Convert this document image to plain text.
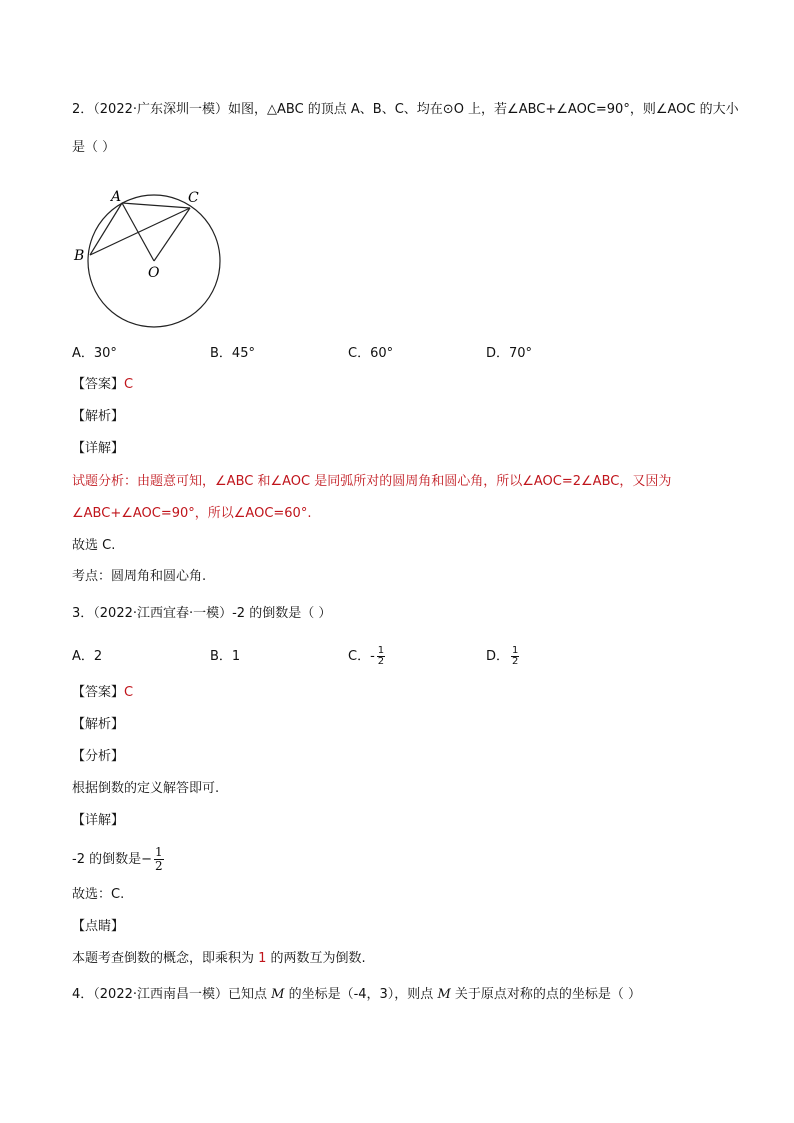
2．（2022·广东深圳一模）如图，△ABC 的顶点 A、B、C、均在⊙O 上，若∠ABC+∠AOC=90°，则∠AOC 的大小
是（ ）
A	C
B
O
A．30°	B．45°	C．60°	D．70°
【答案】C
【解析】
【详解】
试题分析：由题意可知，∠ABC 和∠AOC 是同弧所对的圆周角和圆心角，所以∠AOC=2∠ABC，又因为
∠ABC+∠AOC=90°，所以∠AOC=60°.
故选 C.
考点：圆周角和圆心角.
3．（2022·江西宜春·一模）-2 的倒数是（ ）
A．2	B．1	C．- $\frac{1}{2}$	D． $\frac{1}{2}$
【答案】C
【解析】
【分析】
根据倒数的定义解答即可.
【详解】
-2 的倒数是− $\frac{1}{2}$
故选：C.
【点睛】
本题考查倒数的概念，即乘积为 1 的两数互为倒数.
4．（2022·江西南昌一模）已知点 M 的坐标是（-4，3），则点 M 关于原点对称的点的坐标是（ ）
